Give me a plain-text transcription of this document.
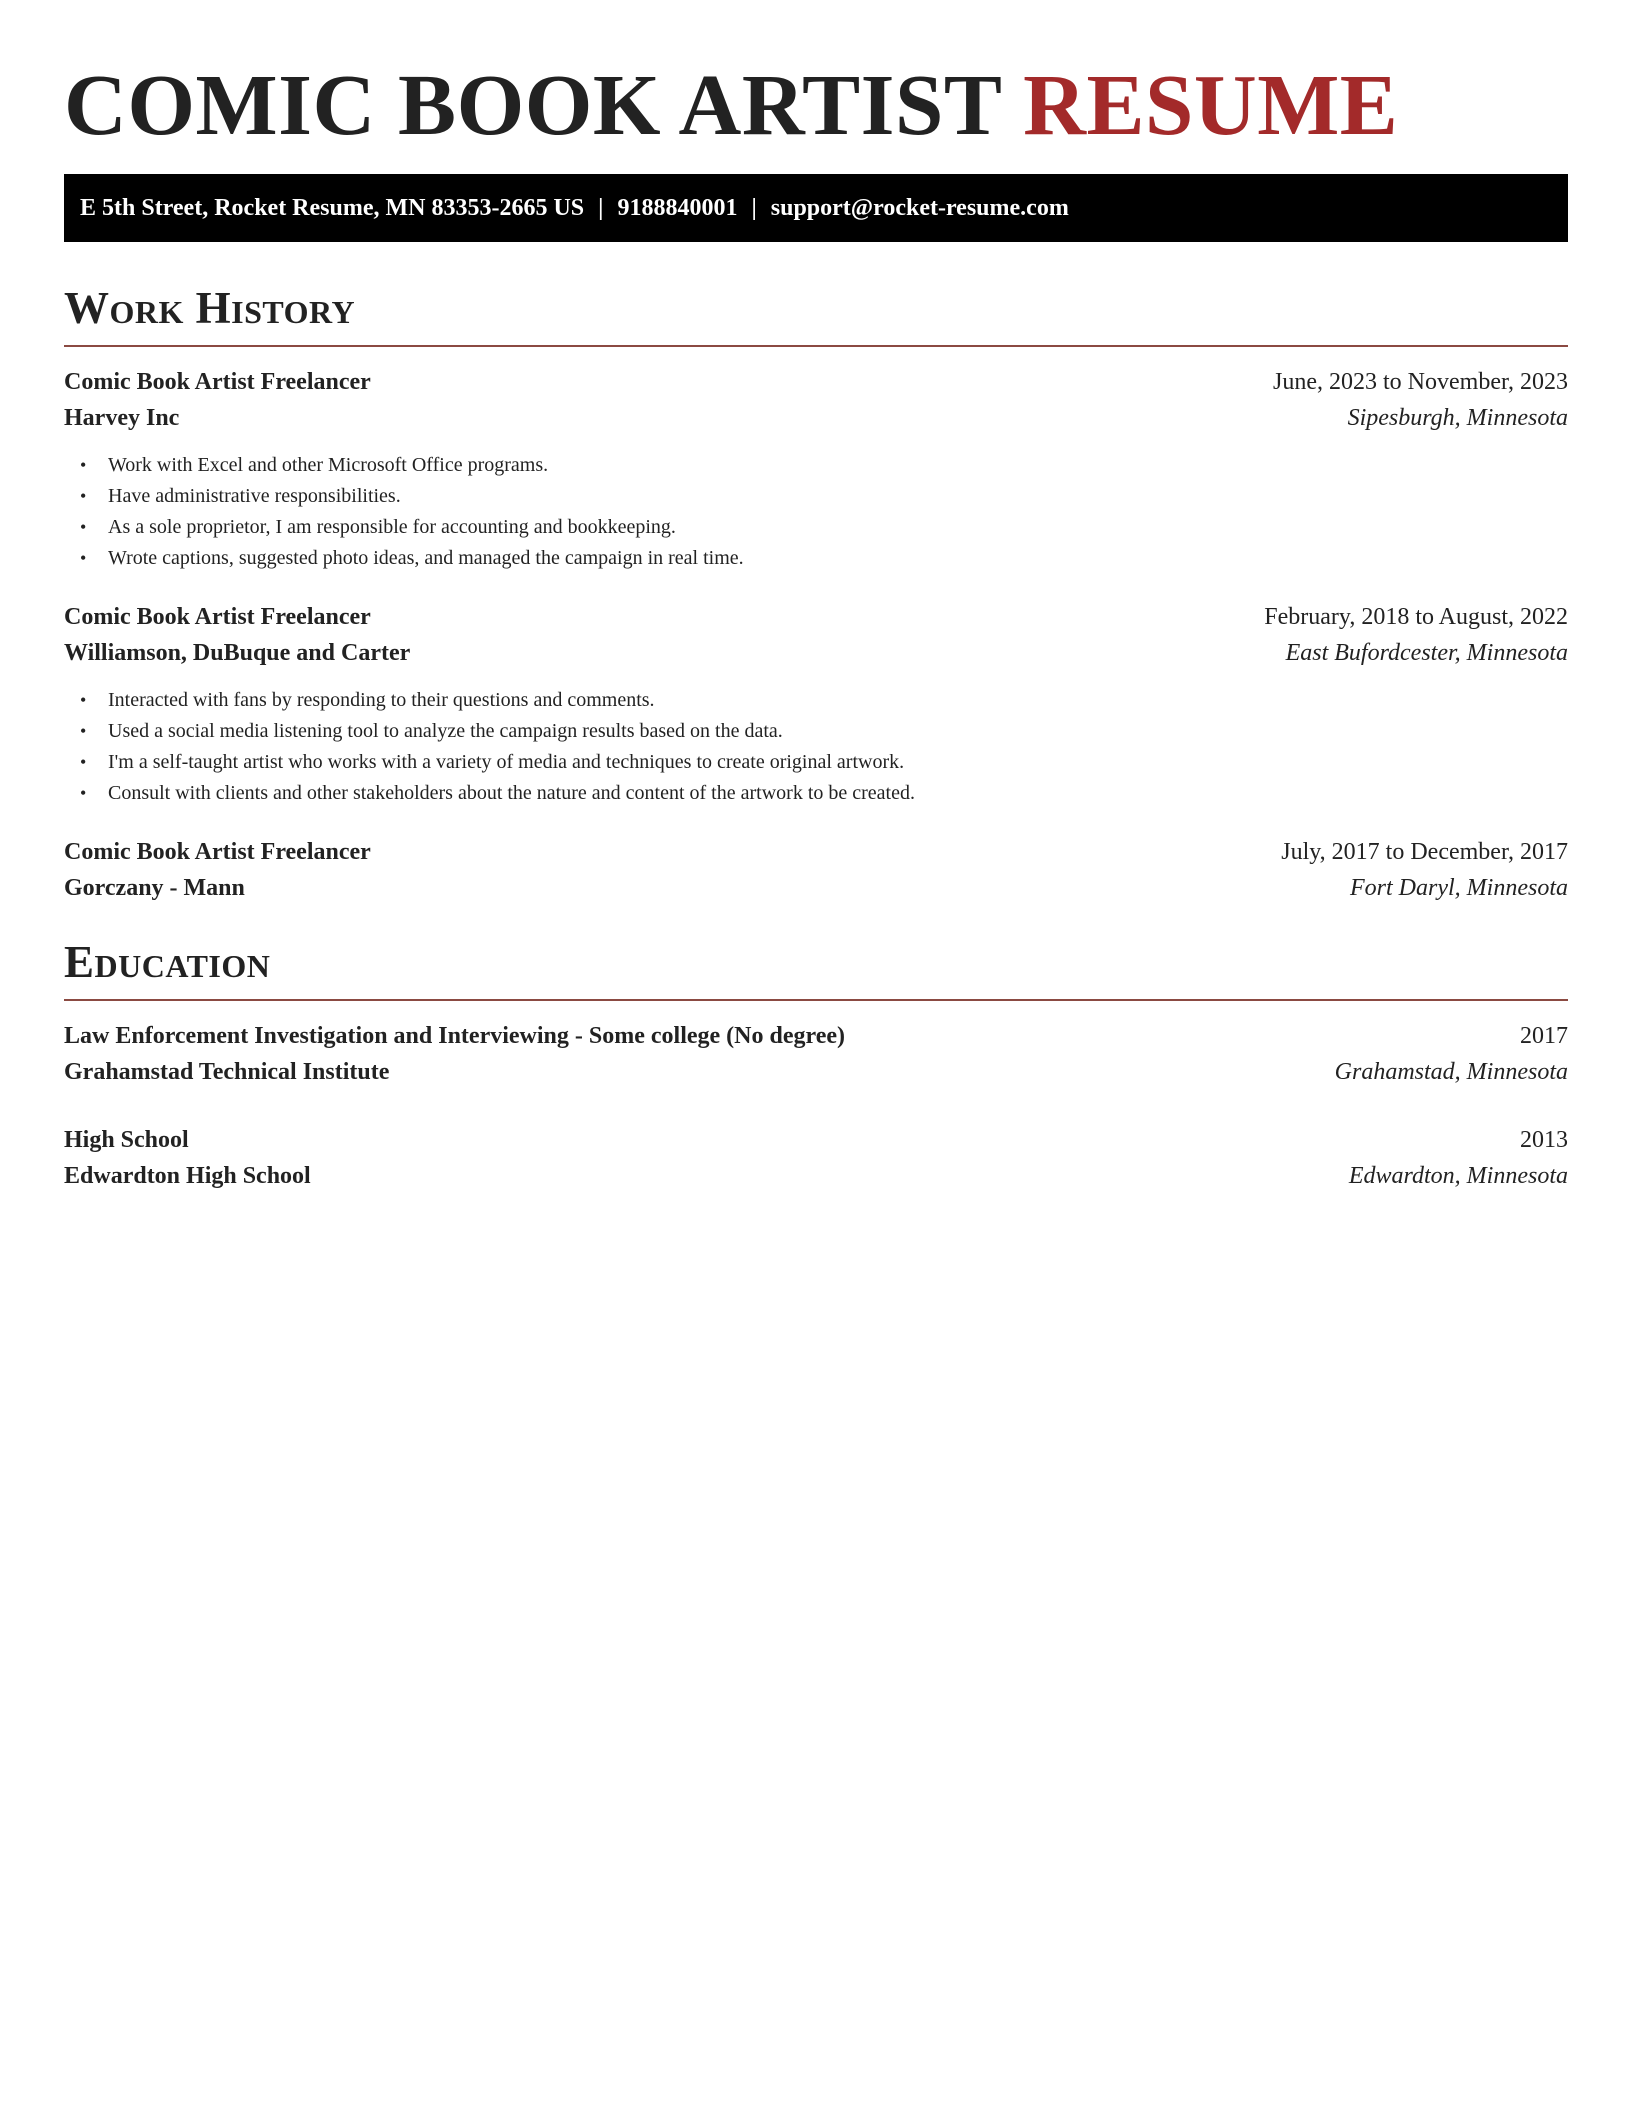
COMIC BOOK ARTIST RESUME
E 5th Street, Rocket Resume, MN 83353-2665 US | 9188840001 | support@rocket-resume.com
Work History
Comic Book Artist Freelancer	June, 2023 to November, 2023
Harvey Inc	Sipesburgh, Minnesota
• Work with Excel and other Microsoft Office programs.
• Have administrative responsibilities.
• As a sole proprietor, I am responsible for accounting and bookkeeping.
• Wrote captions, suggested photo ideas, and managed the campaign in real time.
Comic Book Artist Freelancer	February, 2018 to August, 2022
Williamson, DuBuque and Carter	East Bufordcester, Minnesota
• Interacted with fans by responding to their questions and comments.
• Used a social media listening tool to analyze the campaign results based on the data.
• I'm a self-taught artist who works with a variety of media and techniques to create original artwork.
• Consult with clients and other stakeholders about the nature and content of the artwork to be created.
Comic Book Artist Freelancer	July, 2017 to December, 2017
Gorczany - Mann	Fort Daryl, Minnesota
Education
Law Enforcement Investigation and Interviewing - Some college (No degree)	2017
Grahamstad Technical Institute	Grahamstad, Minnesota
High School	2013
Edwardton High School	Edwardton, Minnesota
